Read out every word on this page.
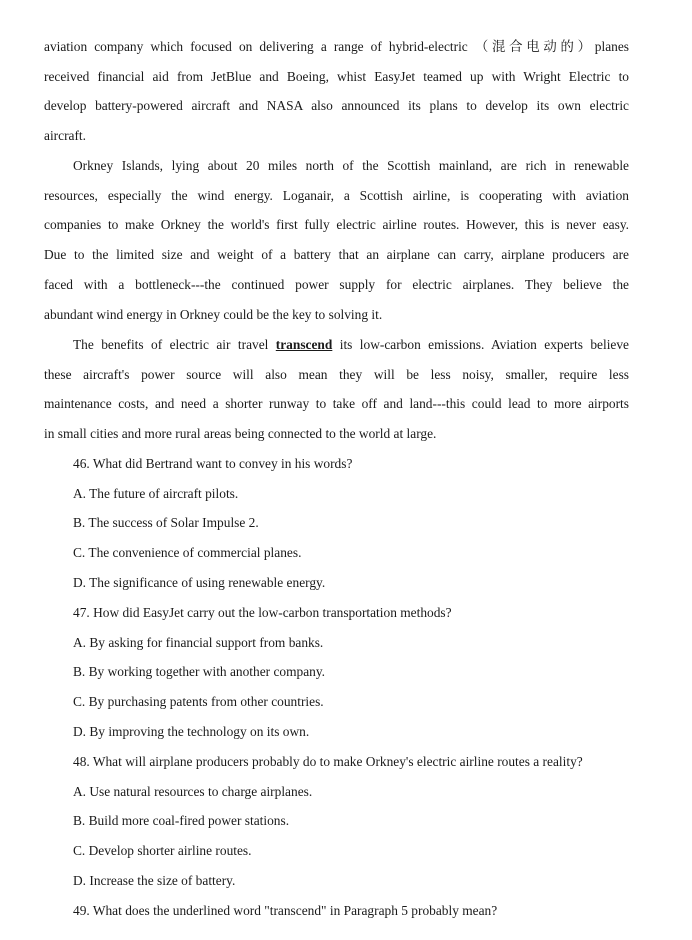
aviation company which focused on delivering a range of hybrid-electric （混合电动的）planes
received financial aid from JetBlue and Boeing, whist EasyJet teamed up with Wright Electric to
develop battery-powered aircraft and NASA also announced its plans to develop its own electric
aircraft.
Orkney Islands, lying about 20 miles north of the Scottish mainland, are rich in renewable
resources, especially the wind energy. Loganair, a Scottish airline, is cooperating with aviation
companies to make Orkney the world's first fully electric airline routes. However, this is never easy.
Due to the limited size and weight of a battery that an airplane can carry, airplane producers are
faced with a bottleneck---the continued power supply for electric airplanes. They believe the
abundant wind energy in Orkney could be the key to solving it.
The benefits of electric air travel transcend its low-carbon emissions. Aviation experts believe
these aircraft's power source will also mean they will be less noisy, smaller, require less
maintenance costs, and need a shorter runway to take off and land---this could lead to more airports
in small cities and more rural areas being connected to the world at large.
46. What did Bertrand want to convey in his words?
A. The future of aircraft pilots.
B. The success of Solar Impulse 2.
C. The convenience of commercial planes.
D. The significance of using renewable energy.
47. How did EasyJet carry out the low-carbon transportation methods?
A. By asking for financial support from banks.
B. By working together with another company.
C. By purchasing patents from other countries.
D. By improving the technology on its own.
48. What will airplane producers probably do to make Orkney's electric airline routes a reality?
A. Use natural resources to charge airplanes.
B. Build more coal-fired power stations.
C. Develop shorter airline routes.
D. Increase the size of battery.
49. What does the underlined word "transcend" in Paragraph 5 probably mean?
